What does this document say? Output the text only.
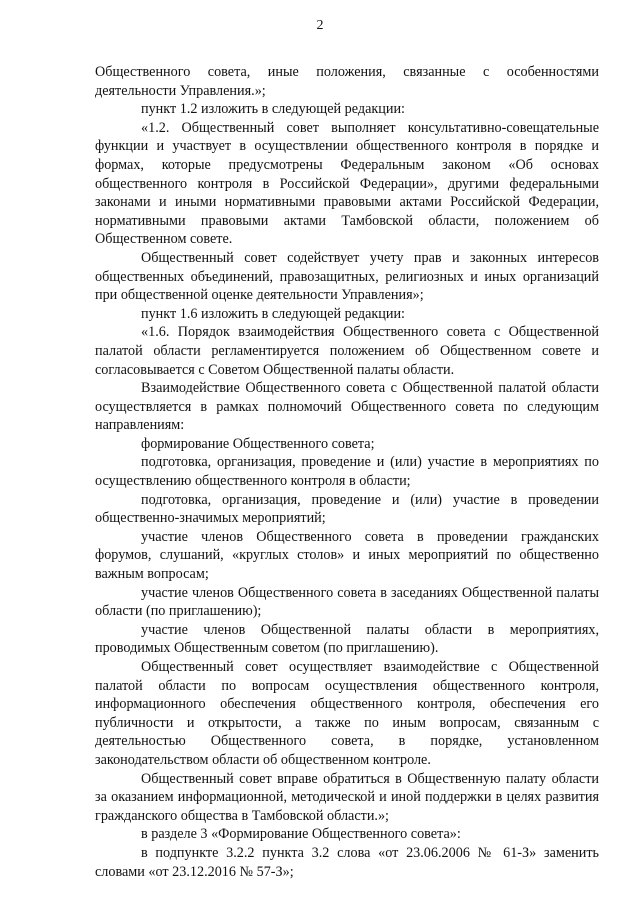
2

Общественного совета, иные положения, связанные с особенностями деятельности Управления.»;

пункт 1.2 изложить в следующей редакции:

«1.2. Общественный совет выполняет консультативно-совещательные функции и участвует в осуществлении общественного контроля в порядке и формах, которые предусмотрены Федеральным законом «Об основах общественного контроля в Российской Федерации», другими федеральными законами и иными нормативными правовыми актами Российской Федерации, нормативными правовыми актами Тамбовской области, положением об Общественном совете.

Общественный совет содействует учету прав и законных интересов общественных объединений, правозащитных, религиозных и иных организаций при общественной оценке деятельности Управления»;

пункт 1.6 изложить в следующей редакции:

«1.6. Порядок взаимодействия Общественного совета с Общественной палатой области регламентируется положением об Общественном совете и согласовывается с Советом Общественной палаты области.

Взаимодействие Общественного совета с Общественной палатой области осуществляется в рамках полномочий Общественного совета по следующим направлениям:

формирование Общественного совета;

подготовка, организация, проведение и (или) участие в мероприятиях по осуществлению общественного контроля в области;

подготовка, организация, проведение и (или) участие в проведении общественно-значимых мероприятий;

участие членов Общественного совета в проведении гражданских форумов, слушаний, «круглых столов» и иных мероприятий по общественно важным вопросам;

участие членов Общественного совета в заседаниях Общественной палаты области (по приглашению);

участие членов Общественной палаты области в мероприятиях, проводимых Общественным советом (по приглашению).

Общественный совет осуществляет взаимодействие с Общественной палатой области по вопросам осуществления общественного контроля, информационного обеспечения общественного контроля, обеспечения его публичности и открытости, а также по иным вопросам, связанным с деятельностью Общественного совета, в порядке, установленном законодательством области об общественном контроле.

Общественный совет вправе обратиться в Общественную палату области за оказанием информационной, методической и иной поддержки в целях развития гражданского общества в Тамбовской области.»;

в разделе 3 «Формирование Общественного совета»:

в подпункте 3.2.2 пункта 3.2 слова «от 23.06.2006 № 61-З» заменить словами «от 23.12.2016 № 57-З»;
